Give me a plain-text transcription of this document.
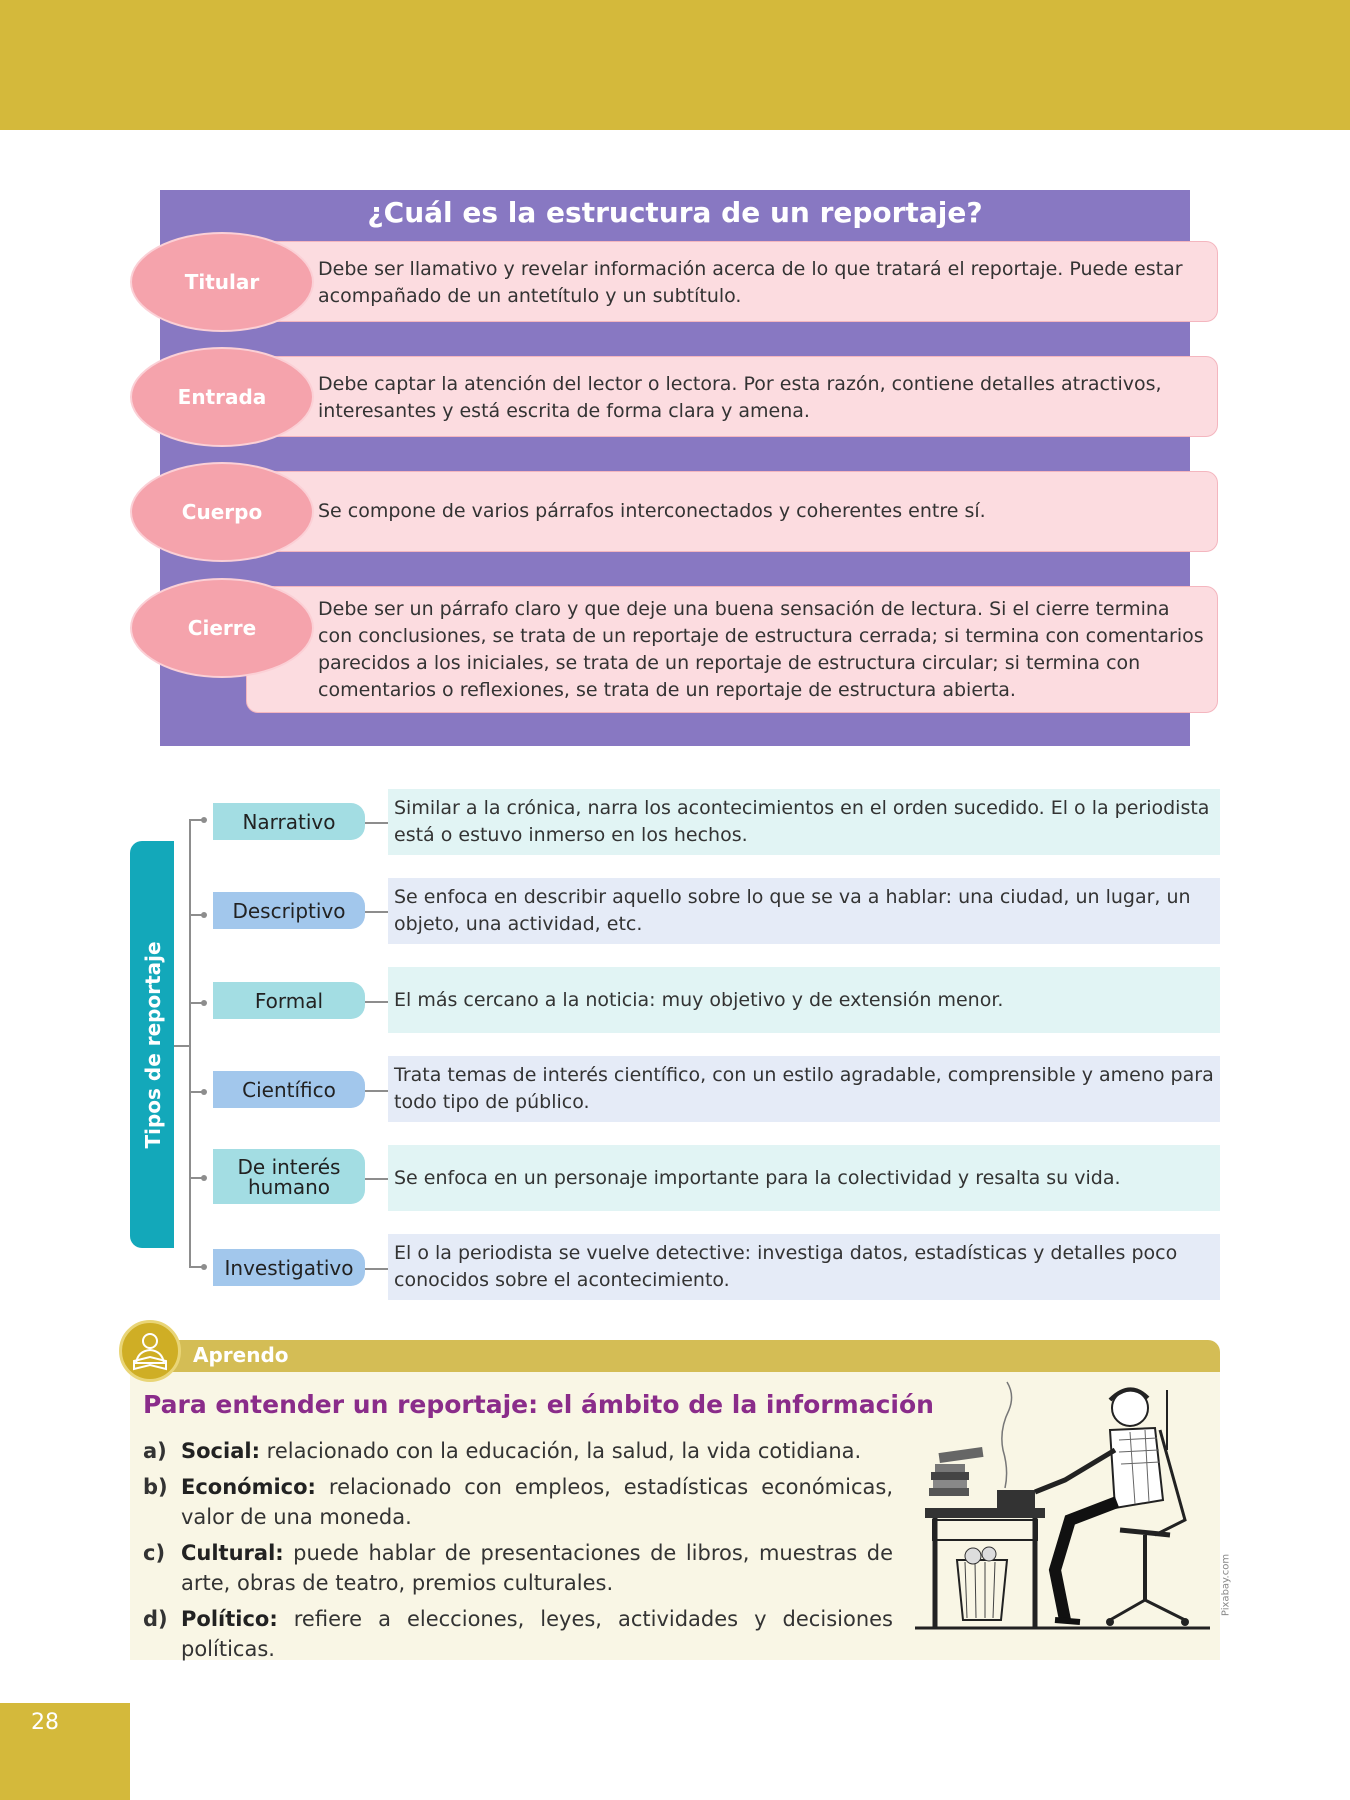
¿Cuál es la estructura de un reportaje?
Debe ser llamativo y revelar información acerca de lo que tratará el reportaje. Puede estar acompañado de un antetítulo y un subtítulo.
Titular
Debe captar la atención del lector o lectora. Por esta razón, contiene detalles atractivos, interesantes y está escrita de forma clara y amena.
Entrada
Se compone de varios párrafos interconectados y coherentes entre sí.
Cuerpo
Debe ser un párrafo claro y que deje una buena sensación de lectura. Si el cierre termina con conclusiones, se trata de un reportaje de estructura cerrada; si termina con comentarios parecidos a los iniciales, se trata de un reportaje de estructura circular; si termina con comentarios o reflexiones, se trata de un reportaje de estructura abierta.
Cierre
Tipos de reportaje
Narrativo
Descriptivo
Formal
Científico
De interés humano
Investigativo
Similar a la crónica, narra los acontecimientos en el orden sucedido. El o la periodista está o estuvo inmerso en los hechos.
Se enfoca en describir aquello sobre lo que se va a hablar: una ciudad, un lugar, un objeto, una actividad, etc.
El más cercano a la noticia: muy objetivo y de extensión menor.
Trata temas de interés científico, con un estilo agradable, comprensible y ameno para todo tipo de público.
Se enfoca en un personaje importante para la colectividad y resalta su vida.
El o la periodista se vuelve detective: investiga datos, estadísticas y detalles poco conocidos sobre el acontecimiento.
Aprendo
Para entender un reportaje: el ámbito de la información
a) Social: relacionado con la educación, la salud, la vida cotidiana.
b) Económico: relacionado con empleos, estadísticas económicas, valor de una moneda.
c) Cultural: puede hablar de presentaciones de libros, muestras de arte, obras de teatro, premios culturales.
d) Político: refiere a elecciones, leyes, actividades y decisiones políticas.
Pixabay.com
28
